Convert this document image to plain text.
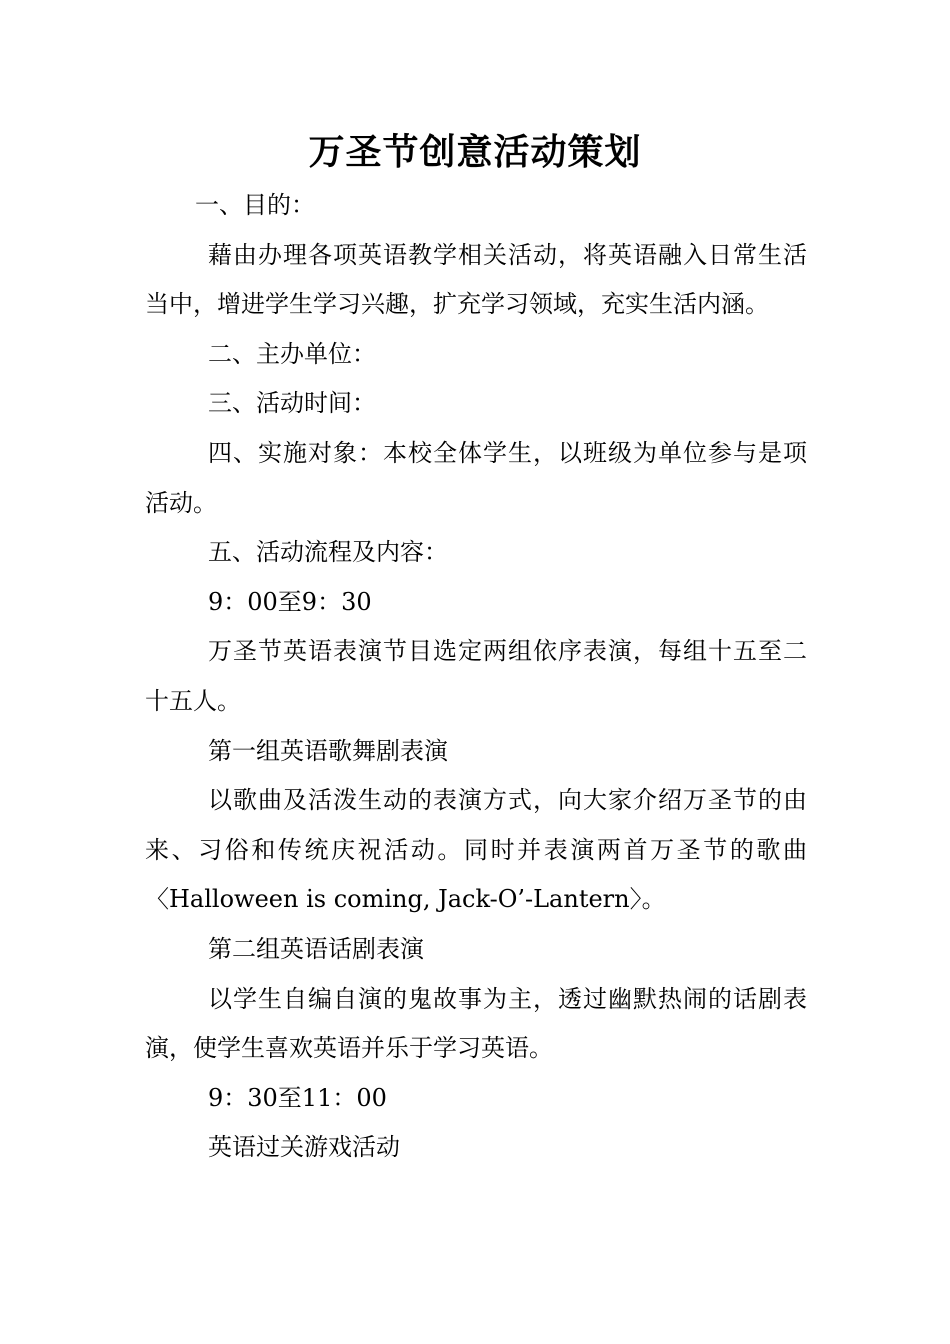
万圣节创意活动策划

一、目的：

藉由办理各项英语教学相关活动，将英语融入日常生活当中，增进学生学习兴趣，扩充学习领域，充实生活内涵。

二、主办单位：

三、活动时间：

四、实施对象：本校全体学生，以班级为单位参与是项活动。

五、活动流程及内容：

9：00至9：30

万圣节英语表演节目选定两组依序表演，每组十五至二十五人。

第一组英语歌舞剧表演

以歌曲及活泼生动的表演方式，向大家介绍万圣节的由来、习俗和传统庆祝活动。同时并表演两首万圣节的歌曲〈Halloween is coming, Jack-O’-Lantern〉。

第二组英语话剧表演

以学生自编自演的鬼故事为主，透过幽默热闹的话剧表演，使学生喜欢英语并乐于学习英语。

9：30至11：00

英语过关游戏活动
